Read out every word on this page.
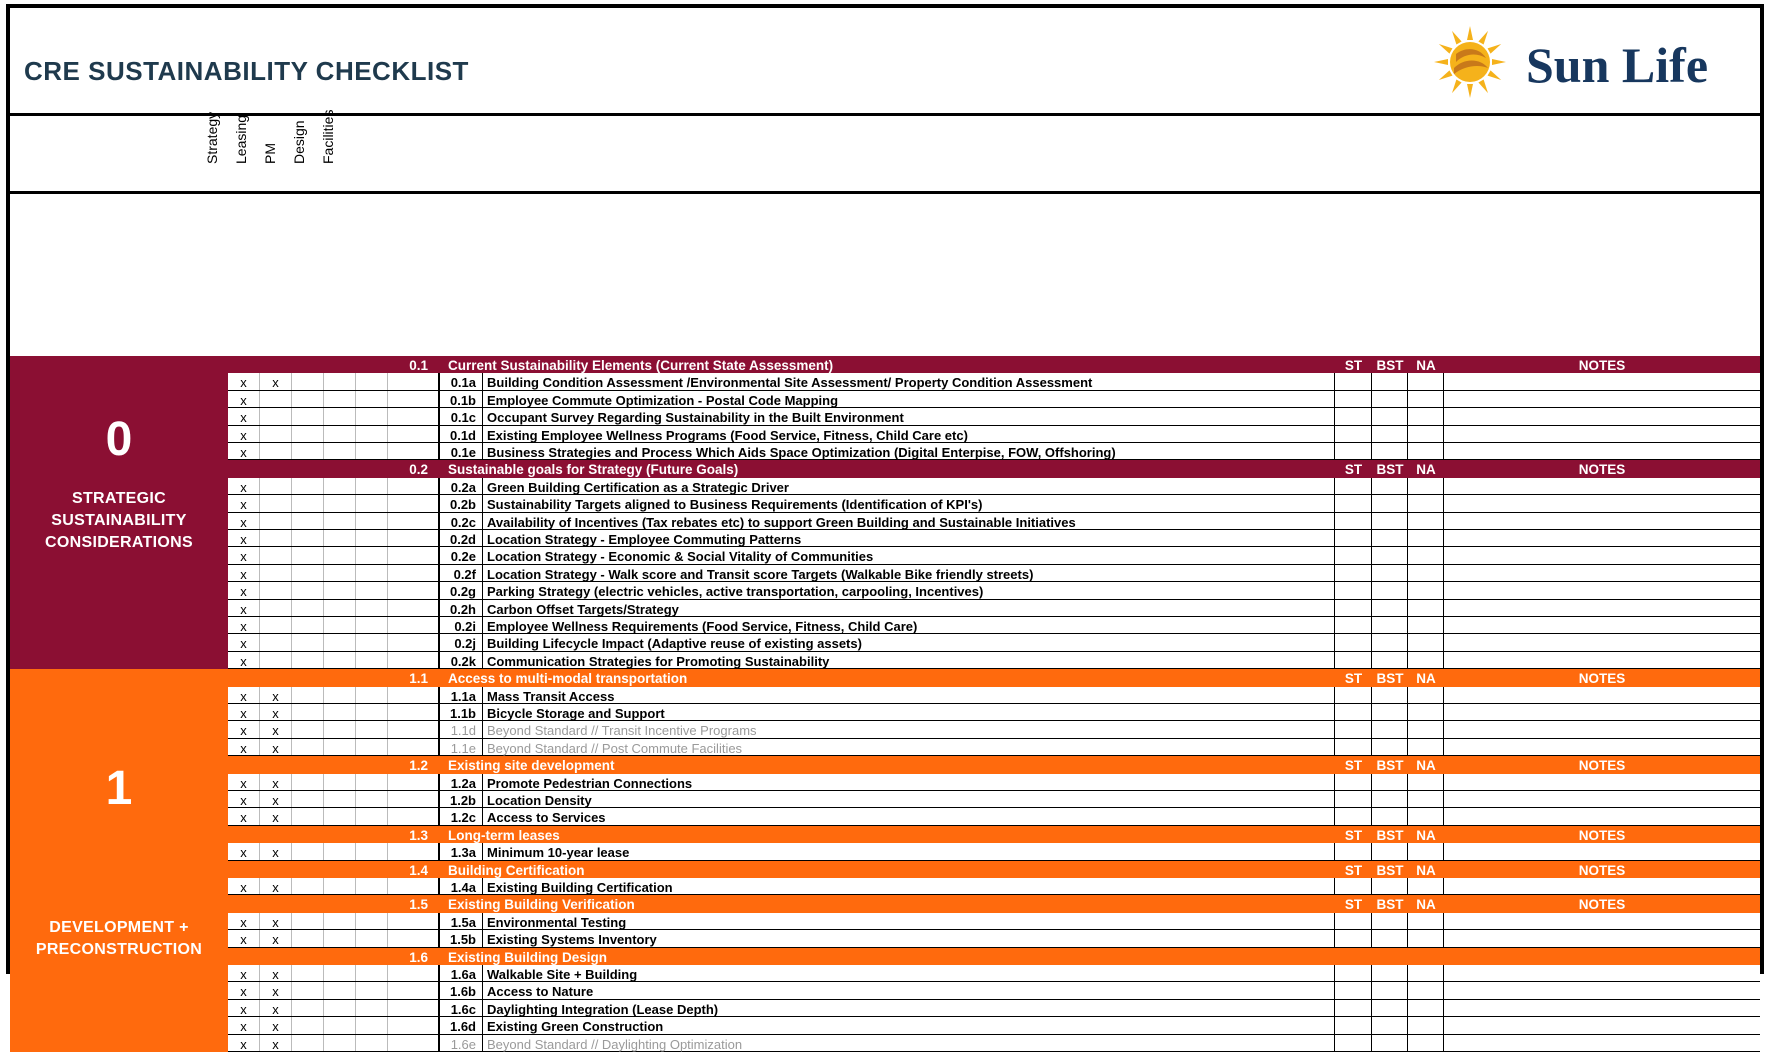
CRE SUSTAINABILITY CHECKLIST	Sun Life
Strategy Leasing PM Design Facilities
0.1 Current Sustainability Elements (Current State Assessment)	ST	BST NA	NOTES
x	x	0.1a Building Condition Assessment /Environmental Site Assessment/ Property Condition Assessment
x	0.1b Employee Commute Optimization - Postal Code Mapping
x	0.1c Occupant Survey Regarding Sustainability in the Built Environment
x	0.1d Existing Employee Wellness Programs (Food Service, Fitness, Child Care etc)
x	0.1e Business Strategies and Process Which Aids Space Optimization (Digital Enterpise, FOW, Offshoring)
0.2 Sustainable goals for Strategy (Future Goals)	ST	BST NA	NOTES
x	0.2a Green Building Certification as a Strategic Driver
x	0.2b Sustainability Targets aligned to Business Requirements (Identification of KPI's)
x	0.2c Availability of Incentives (Tax rebates etc) to support Green Building and Sustainable Initiatives
x	0.2d Location Strategy - Employee Commuting Patterns
x	0.2e Location Strategy - Economic & Social Vitality of Communities
x	0.2f Location Strategy - Walk score and Transit score Targets (Walkable Bike friendly streets)
x	0.2g Parking Strategy (electric vehicles, active transportation, carpooling, Incentives)
x	0.2h Carbon Offset Targets/Strategy
x	0.2i Employee Wellness Requirements (Food Service, Fitness, Child Care)
x	0.2j Building Lifecycle Impact (Adaptive reuse of existing assets)
x	0.2k Communication Strategies for Promoting Sustainability
1.1 Access to multi-modal transportation	ST	BST NA	NOTES
x	x	1.1a Mass Transit Access
x	x	1.1b Bicycle Storage and Support
x	x	1.1d Beyond Standard // Transit Incentive Programs
x	x	1.1e Beyond Standard // Post Commute Facilities
1.2 Existing site development	ST	BST NA	NOTES
x	x	1.2a Promote Pedestrian Connections
x	x	1.2b Location Density
x	x	1.2c Access to Services
1.3 Long-term leases	ST	BST NA	NOTES
x	x	1.3a Minimum 10-year lease
1.4 Building Certification	ST	BST NA	NOTES
x	x	1.4a Existing Building Certification
1.5 Existing Building Verification	ST	BST NA	NOTES
x	x	1.5a Environmental Testing
x	x	1.5b Existing Systems Inventory
1.6 Existing Building Design
x	x	1.6a Walkable Site + Building
x	x	1.6b Access to Nature
x	x	1.6c Daylighting Integration (Lease Depth)
x	x	1.6d Existing Green Construction
x	x	1.6e Beyond Standard // Daylighting Optimization
0
STRATEGIC
SUSTAINABILITY
CONSIDERATIONS
1
DEVELOPMENT +
PRECONSTRUCTION
